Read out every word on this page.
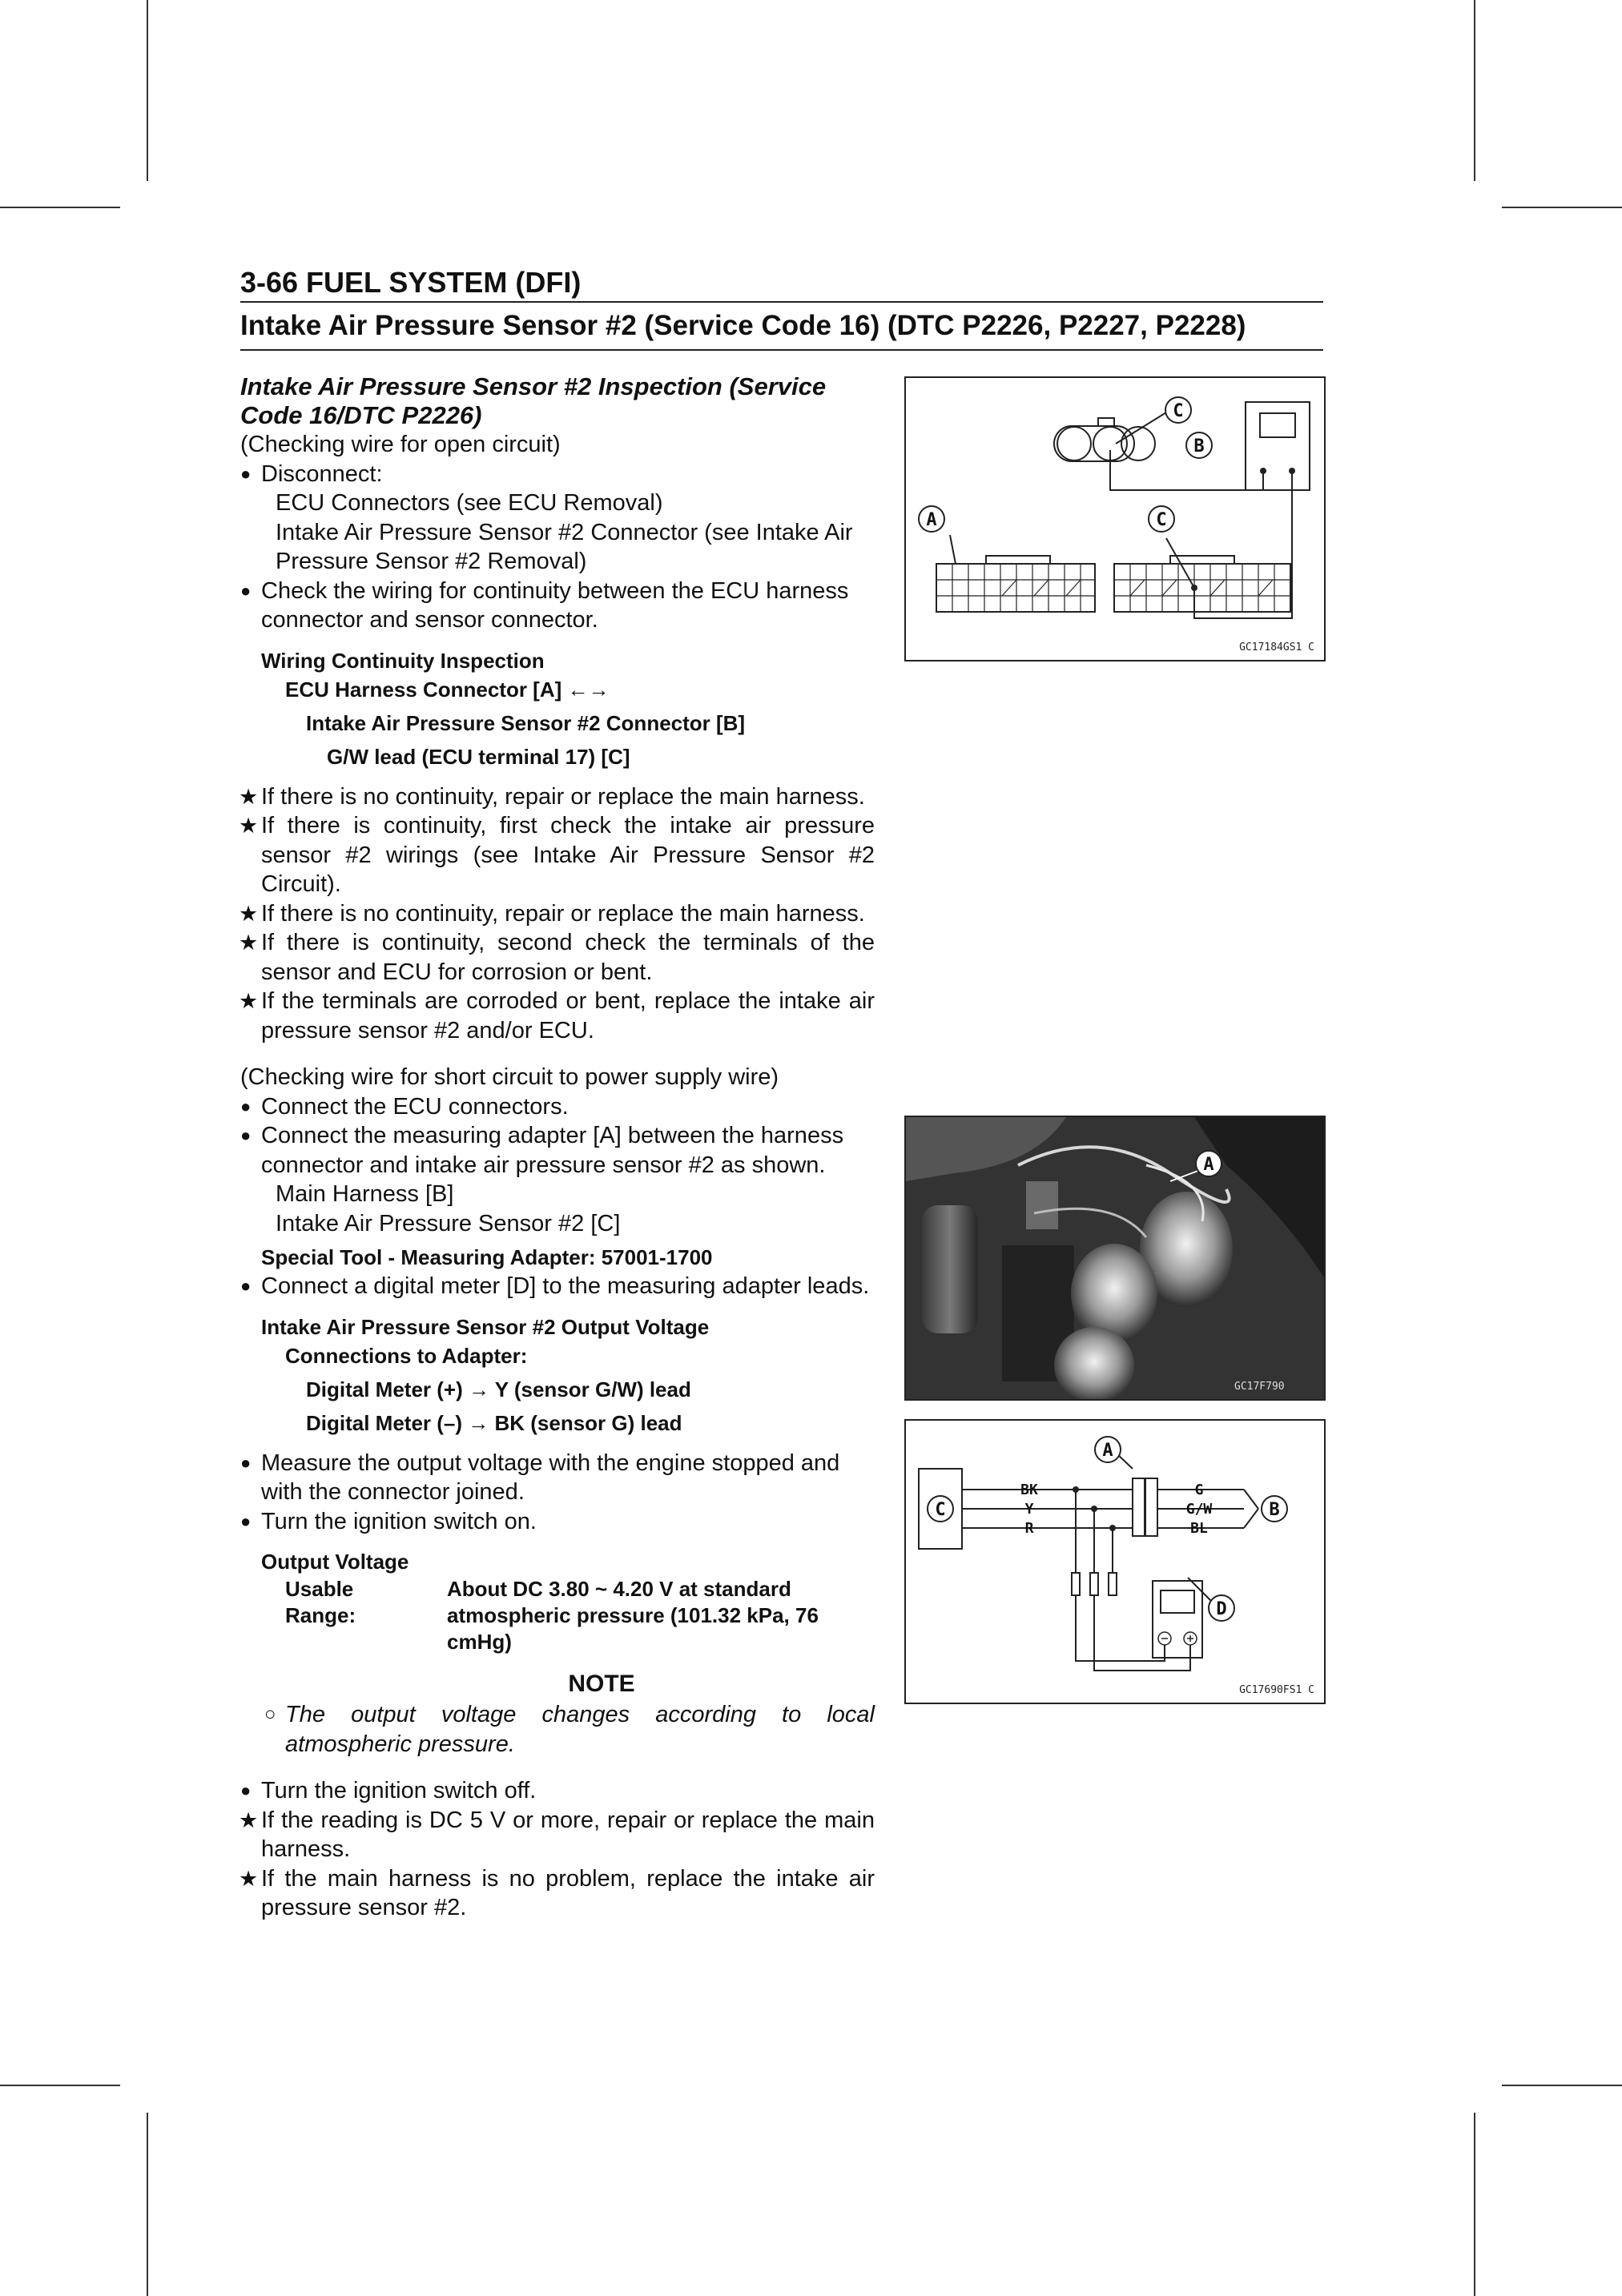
3-66 FUEL SYSTEM (DFI)
Intake Air Pressure Sensor #2 (Service Code 16) (DTC P2226, P2227, P2228)

Intake Air Pressure Sensor #2 Inspection (Service Code 16/DTC P2226)

(Checking wire for open circuit)

● Disconnect:

ECU Connectors (see ECU Removal)

Intake Air Pressure Sensor #2 Connector (see Intake Air Pressure Sensor #2 Removal)

● Check the wiring for continuity between the ECU harness connector and sensor connector.

Wiring Continuity Inspection
ECU Harness Connector [A] ←→
Intake Air Pressure Sensor #2 Connector [B]
G/W lead (ECU terminal 17) [C]

★ If there is no continuity, repair or replace the main harness.

★ If there is continuity, first check the intake air pressure sensor #2 wirings (see Intake Air Pressure Sensor #2 Circuit).

★ If there is no continuity, repair or replace the main harness.

★ If there is continuity, second check the terminals of the sensor and ECU for corrosion or bent.

★ If the terminals are corroded or bent, replace the intake air pressure sensor #2 and/or ECU.

(Checking wire for short circuit to power supply wire)

● Connect the ECU connectors.

● Connect the measuring adapter [A] between the harness connector and intake air pressure sensor #2 as shown.

Main Harness [B]

Intake Air Pressure Sensor #2 [C]

Special Tool - Measuring Adapter: 57001-1700

● Connect a digital meter [D] to the measuring adapter leads.

Intake Air Pressure Sensor #2 Output Voltage
Connections to Adapter:
Digital Meter (+) → Y (sensor G/W) lead
Digital Meter (–) → BK (sensor G) lead

● Measure the output voltage with the engine stopped and with the connector joined.

● Turn the ignition switch on.

Output Voltage
Usable Range:
About DC 3.80 ~ 4.20 V at standard atmospheric pressure (101.32 kPa, 76 cmHg)
NOTE

○ The output voltage changes according to local atmospheric pressure.

● Turn the ignition switch off.

★ If the reading is DC 5 V or more, repair or replace the main harness.

★ If the main harness is no problem, replace the intake air pressure sensor #2.

C
B
A	C
GC17184GS1 C
A
GC17F790
A
B
C
D
BK
Y
R
G
G/W
BL
GC17690FS1 C
